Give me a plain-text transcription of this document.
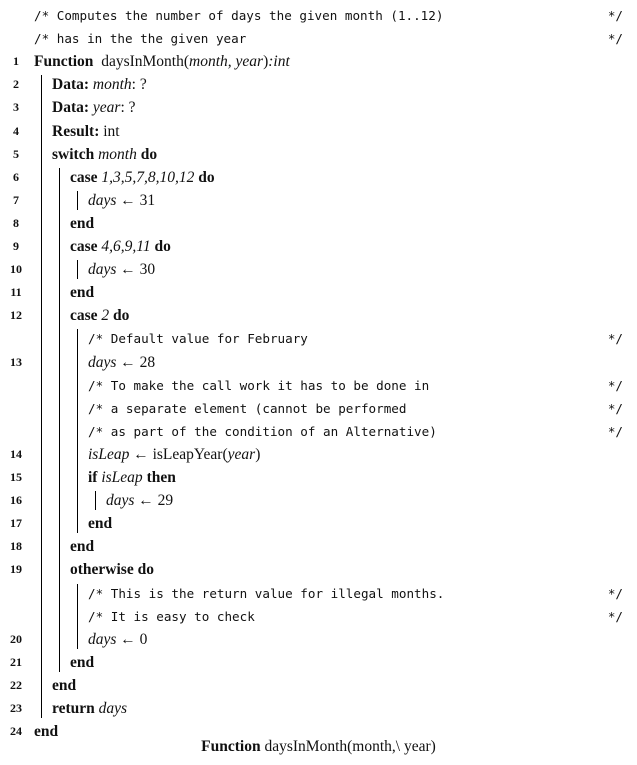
/* Computes the number of days the given month (1..12)	*/
/* has in the the given year	*/
1 Function  daysInMonth(month, year):int
2	Data: month: ?
3	Data: year: ?
4	Result: int
5	switch month do
6	case 1,3,5,7,8,10,12 do
7	days ← 31
8	end
9	case 4,6,9,11 do
10	days ← 30
11	end
12	case 2 do
/* Default value for February	*/
13	days ← 28
/* To make the call work it has to be done in	*/
/* a separate element (cannot be performed	*/
/* as part of the condition of an Alternative)	*/
14	isLeap ← isLeapYear(year)
15	if isLeap then
16	days ← 29
17	end
18	end
19	otherwise do
/* This is the return value for illegal months.	*/
/* It is easy to check	*/
20	days ← 0
21	end
22	end
23	return days
24 end
Function daysInMonth(month,\ year)
